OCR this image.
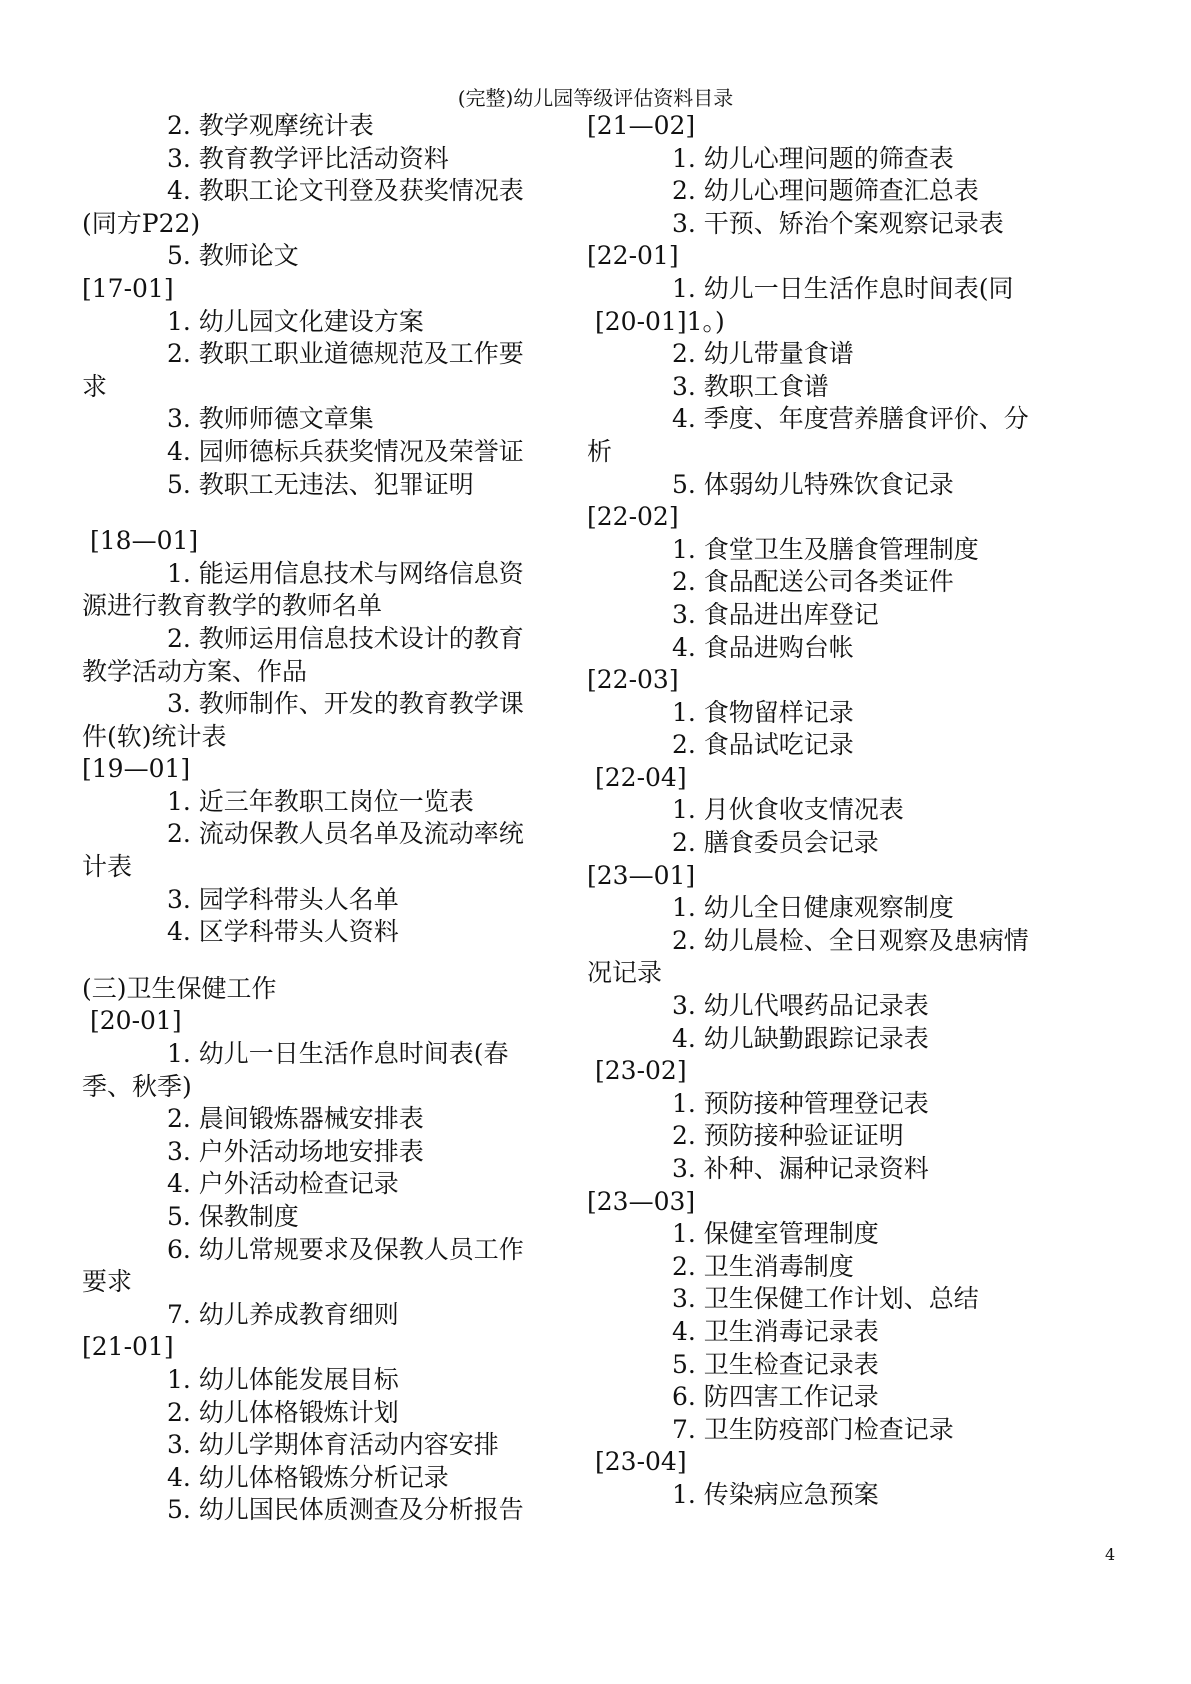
(完整)幼儿园等级评估资料目录
2. 教学观摩统计表
3. 教育教学评比活动资料
4. 教职工论文刊登及获奖情况表
(同方P22)
5. 教师论文
[17-01]
1. 幼儿园文化建设方案
2. 教职工职业道德规范及工作要
求
3. 教师师德文章集
4. 园师德标兵获奖情况及荣誉证
5. 教职工无违法、犯罪证明
[18—01]
1. 能运用信息技术与网络信息资
源进行教育教学的教师名单
2. 教师运用信息技术设计的教育
教学活动方案、作品
3. 教师制作、开发的教育教学课
件(软)统计表
[19—01]
1. 近三年教职工岗位一览表
2. 流动保教人员名单及流动率统
计表
3. 园学科带头人名单
4. 区学科带头人资料
(三)卫生保健工作
[20-01]
1. 幼儿一日生活作息时间表(春
季、秋季)
2. 晨间锻炼器械安排表
3. 户外活动场地安排表
4. 户外活动检查记录
5. 保教制度
6. 幼儿常规要求及保教人员工作
要求
7. 幼儿养成教育细则
[21-01]
1. 幼儿体能发展目标
2. 幼儿体格锻炼计划
3. 幼儿学期体育活动内容安排
4. 幼儿体格锻炼分析记录
5. 幼儿国民体质测查及分析报告
[21—02]
1. 幼儿心理问题的筛查表
2. 幼儿心理问题筛查汇总表
3. 干预、矫治个案观察记录表
[22-01]
1. 幼儿一日生活作息时间表(同
[20-01]1。)
2. 幼儿带量食谱
3. 教职工食谱
4. 季度、年度营养膳食评价、分
析
5. 体弱幼儿特殊饮食记录
[22-02]
1. 食堂卫生及膳食管理制度
2. 食品配送公司各类证件
3. 食品进出库登记
4. 食品进购台帐
[22-03]
1. 食物留样记录
2. 食品试吃记录
[22-04]
1. 月伙食收支情况表
2. 膳食委员会记录
[23—01]
1. 幼儿全日健康观察制度
2. 幼儿晨检、全日观察及患病情
况记录
3. 幼儿代喂药品记录表
4. 幼儿缺勤跟踪记录表
[23-02]
1. 预防接种管理登记表
2. 预防接种验证证明
3. 补种、漏种记录资料
[23—03]
1. 保健室管理制度
2. 卫生消毒制度
3. 卫生保健工作计划、总结
4. 卫生消毒记录表
5. 卫生检查记录表
6. 防四害工作记录
7. 卫生防疫部门检查记录
[23-04]
1. 传染病应急预案
4
